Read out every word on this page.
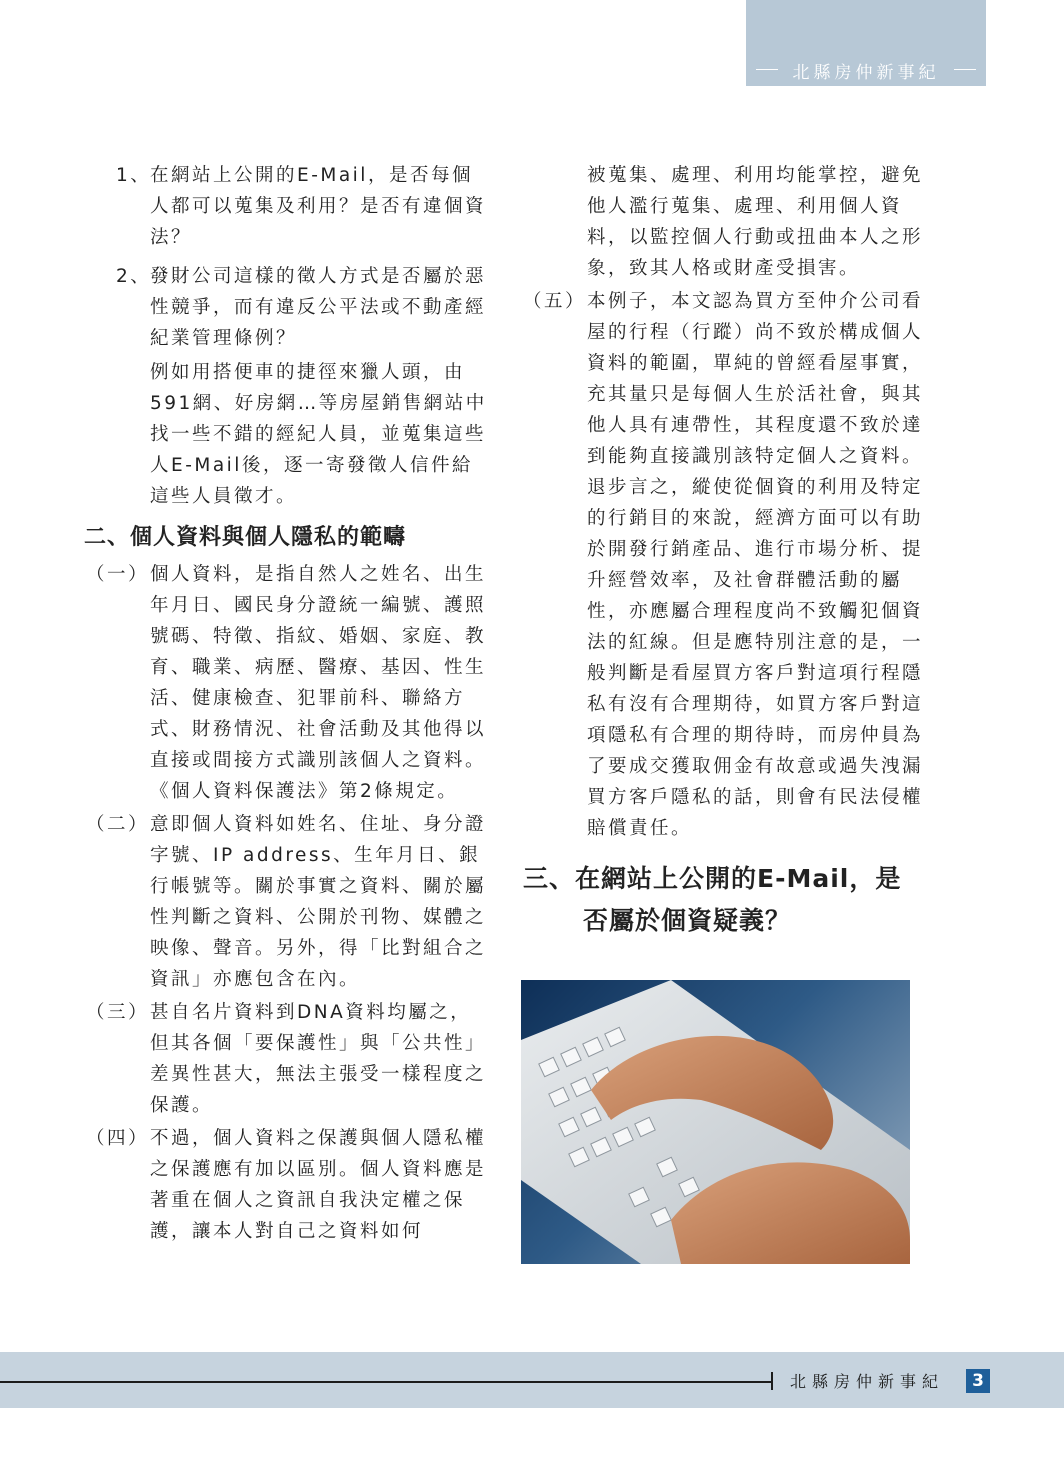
北縣房仲新事紀
1、
在網站上公開的E-Mail，是否每個人都可以蒐集及利用？是否有違個資法？
2、
發財公司這樣的徵人方式是否屬於惡性競爭，而有違反公平法或不動產經紀業管理條例？
例如用搭便車的捷徑來獵人頭，由591網、好房網…等房屋銷售網站中找一些不錯的經紀人員，並蒐集這些人E-Mail後，逐一寄發徵人信件給這些人員徵才。
二、個人資料與個人隱私的範疇
（一） 個人資料，是指自然人之姓名、出生年月日、國民身分證統一編號、護照號碼、特徵、指紋、婚姻、家庭、教育、職業、病歷、醫療、基因、性生活、健康檢查、犯罪前科、聯絡方式、財務情況、社會活動及其他得以直接或間接方式識別該個人之資料。《個人資料保護法》第2條規定。
（二） 意即個人資料如姓名、住址、身分證字號、IP address、生年月日、銀行帳號等。關於事實之資料、關於屬性判斷之資料、公開於刊物、媒體之映像、聲音。另外，得「比對組合之資訊」亦應包含在內。
（三） 甚自名片資料到DNA資料均屬之，但其各個「要保護性」與「公共性」差異性甚大，無法主張受一樣程度之保護。
（四） 不過，個人資料之保護與個人隱私權之保護應有加以區別。個人資料應是著重在個人之資訊自我決定權之保護，讓本人對自己之資料如何
被蒐集、處理、利用均能掌控，避免他人濫行蒐集、處理、利用個人資料，以監控個人行動或扭曲本人之形象，致其人格或財產受損害。
（五） 本例子，本文認為買方至仲介公司看屋的行程（行蹤）尚不致於構成個人資料的範圍，單純的曾經看屋事實，充其量只是每個人生於活社會，與其他人具有連帶性，其程度還不致於達到能夠直接識別該特定個人之資料。退步言之，縱使從個資的利用及特定的行銷目的來說，經濟方面可以有助於開發行銷產品、進行市場分析、提升經營效率，及社會群體活動的屬性，亦應屬合理程度尚不致觸犯個資法的紅線。但是應特別注意的是，一般判斷是看屋買方客戶對這項行程隱私有沒有合理期待，如買方客戶對這項隱私有合理的期待時，而房仲員為了要成交獲取佣金有故意或過失洩漏買方客戶隱私的話，則會有民法侵權賠償責任。
三、在網站上公開的E-Mail，是
否屬於個資疑義？
北縣房仲新事紀	3
